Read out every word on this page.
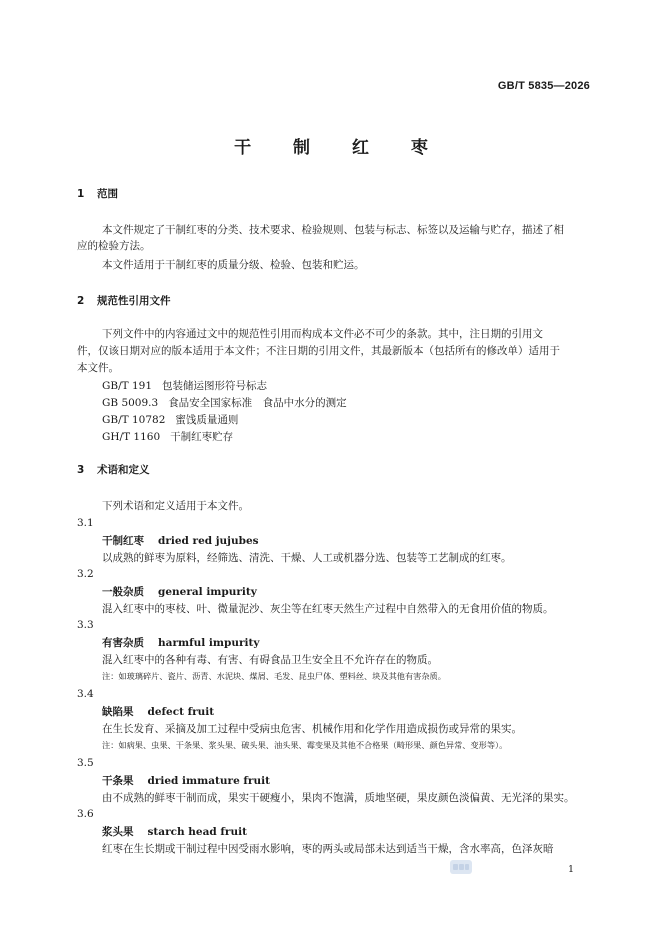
GB/T 5835—2026
干 制 红 枣
1 范围
本文件规定了干制红枣的分类、技术要求、检验规则、包装与标志、标签以及运输与贮存，描述了相
应的检验方法。
本文件适用于干制红枣的质量分级、检验、包装和贮运。
2 规范性引用文件
下列文件中的内容通过文中的规范性引用而构成本文件必不可少的条款。其中，注日期的引用文
件，仅该日期对应的版本适用于本文件；不注日期的引用文件，其最新版本（包括所有的修改单）适用于
本文件。
GB/T 191 包装储运图形符号标志
GB 5009.3 食品安全国家标准　食品中水分的测定
GB/T 10782 蜜饯质量通则
GH/T 1160 干制红枣贮存
3 术语和定义
下列术语和定义适用于本文件。
3.1
干制红枣 dried red jujubes
以成熟的鲜枣为原料，经筛选、清洗、干燥、人工或机器分选、包装等工艺制成的红枣。
3.2
一般杂质 general impurity
混入红枣中的枣枝、叶、微量泥沙、灰尘等在红枣天然生产过程中自然带入的无食用价值的物质。
3.3
有害杂质 harmful impurity
混入红枣中的各种有毒、有害、有碍食品卫生安全且不允许存在的物质。
注：如玻璃碎片、瓷片、沥青、水泥块、煤屑、毛发、昆虫尸体、塑料丝、块及其他有害杂质。
3.4
缺陷果 defect fruit
在生长发育、采摘及加工过程中受病虫危害、机械作用和化学作用造成损伤或异常的果实。
注：如病果、虫果、干条果、浆头果、破头果、油头果、霉变果及其他不合格果（畸形果、颜色异常、变形等）。
3.5
干条果 dried immature fruit
由不成熟的鲜枣干制而成，果实干硬瘦小，果肉不饱满，质地坚硬，果皮颜色淡偏黄、无光泽的果实。
3.6
浆头果 starch head fruit
红枣在生长期或干制过程中因受雨水影响，枣的两头或局部未达到适当干燥，含水率高，色泽灰暗
1
